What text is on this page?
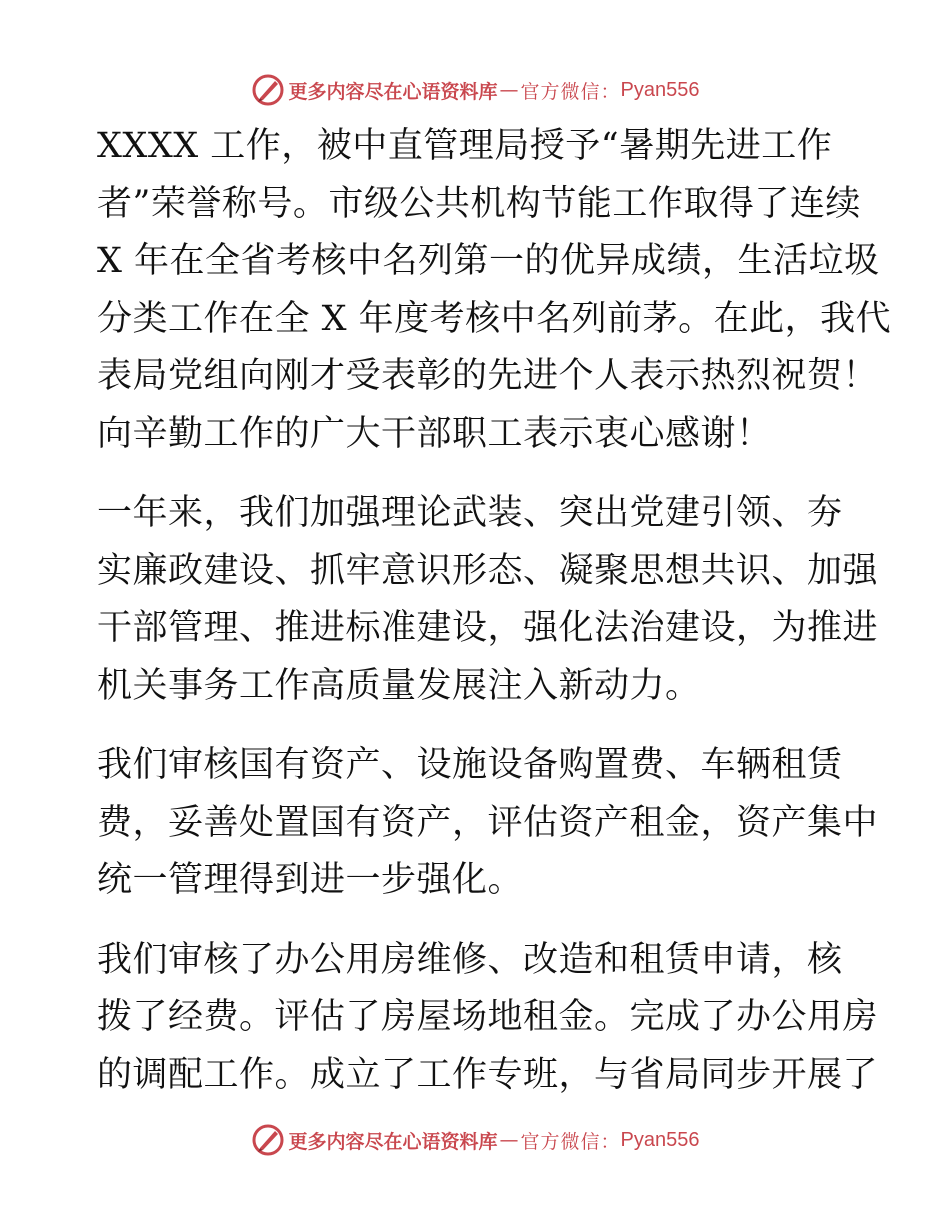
更多内容尽在心语资料库 — 官方微信： Pyan556
XXXX 工作，被中直管理局授予“暑期先进工作
者”荣誉称号。市级公共机构节能工作取得了连续
X 年在全省考核中名列第一的优异成绩，生活垃圾
分类工作在全 X 年度考核中名列前茅。在此，我代
表局党组向刚才受表彰的先进个人表示热烈祝贺！
向辛勤工作的广大干部职工表示衷心感谢！
一年来，我们加强理论武装、突出党建引领、夯
实廉政建设、抓牢意识形态、凝聚思想共识、加强
干部管理、推进标准建设，强化法治建设，为推进
机关事务工作高质量发展注入新动力。
我们审核国有资产、设施设备购置费、车辆租赁
费，妥善处置国有资产，评估资产租金，资产集中
统一管理得到进一步强化。
我们审核了办公用房维修、改造和租赁申请，核
拨了经费。评估了房屋场地租金。完成了办公用房
的调配工作。成立了工作专班，与省局同步开展了
更多内容尽在心语资料库 — 官方微信： Pyan556
